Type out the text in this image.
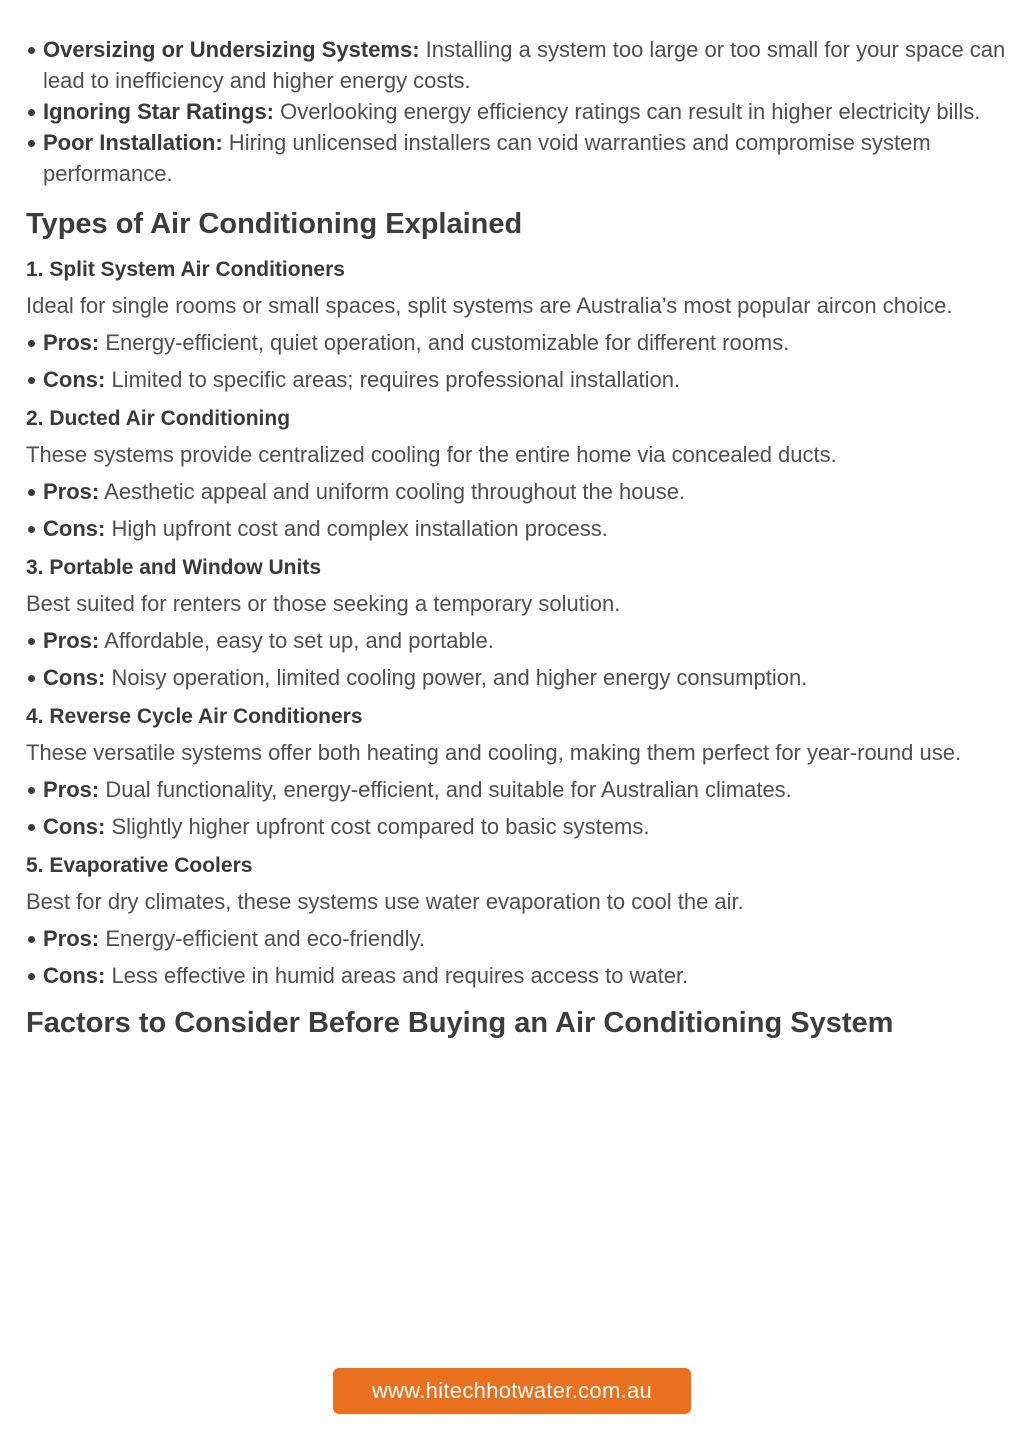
Oversizing or Undersizing Systems: Installing a system too large or too small for your space can lead to inefficiency and higher energy costs.
Ignoring Star Ratings: Overlooking energy efficiency ratings can result in higher electricity bills.
Poor Installation: Hiring unlicensed installers can void warranties and compromise system performance.
Types of Air Conditioning Explained
1. Split System Air Conditioners

Ideal for single rooms or small spaces, split systems are Australia’s most popular aircon choice.

Pros: Energy-efficient, quiet operation, and customizable for different rooms.
Cons: Limited to specific areas; requires professional installation.
2. Ducted Air Conditioning

These systems provide centralized cooling for the entire home via concealed ducts.

Pros: Aesthetic appeal and uniform cooling throughout the house.
Cons: High upfront cost and complex installation process.
3. Portable and Window Units

Best suited for renters or those seeking a temporary solution.

Pros: Affordable, easy to set up, and portable.
Cons: Noisy operation, limited cooling power, and higher energy consumption.
4. Reverse Cycle Air Conditioners

These versatile systems offer both heating and cooling, making them perfect for year-round use.

Pros: Dual functionality, energy-efficient, and suitable for Australian climates.
Cons: Slightly higher upfront cost compared to basic systems.
5. Evaporative Coolers

Best for dry climates, these systems use water evaporation to cool the air.

Pros: Energy-efficient and eco-friendly.
Cons: Less effective in humid areas and requires access to water.
Factors to Consider Before Buying an Air Conditioning System
www.hitechhotwater.com.au
